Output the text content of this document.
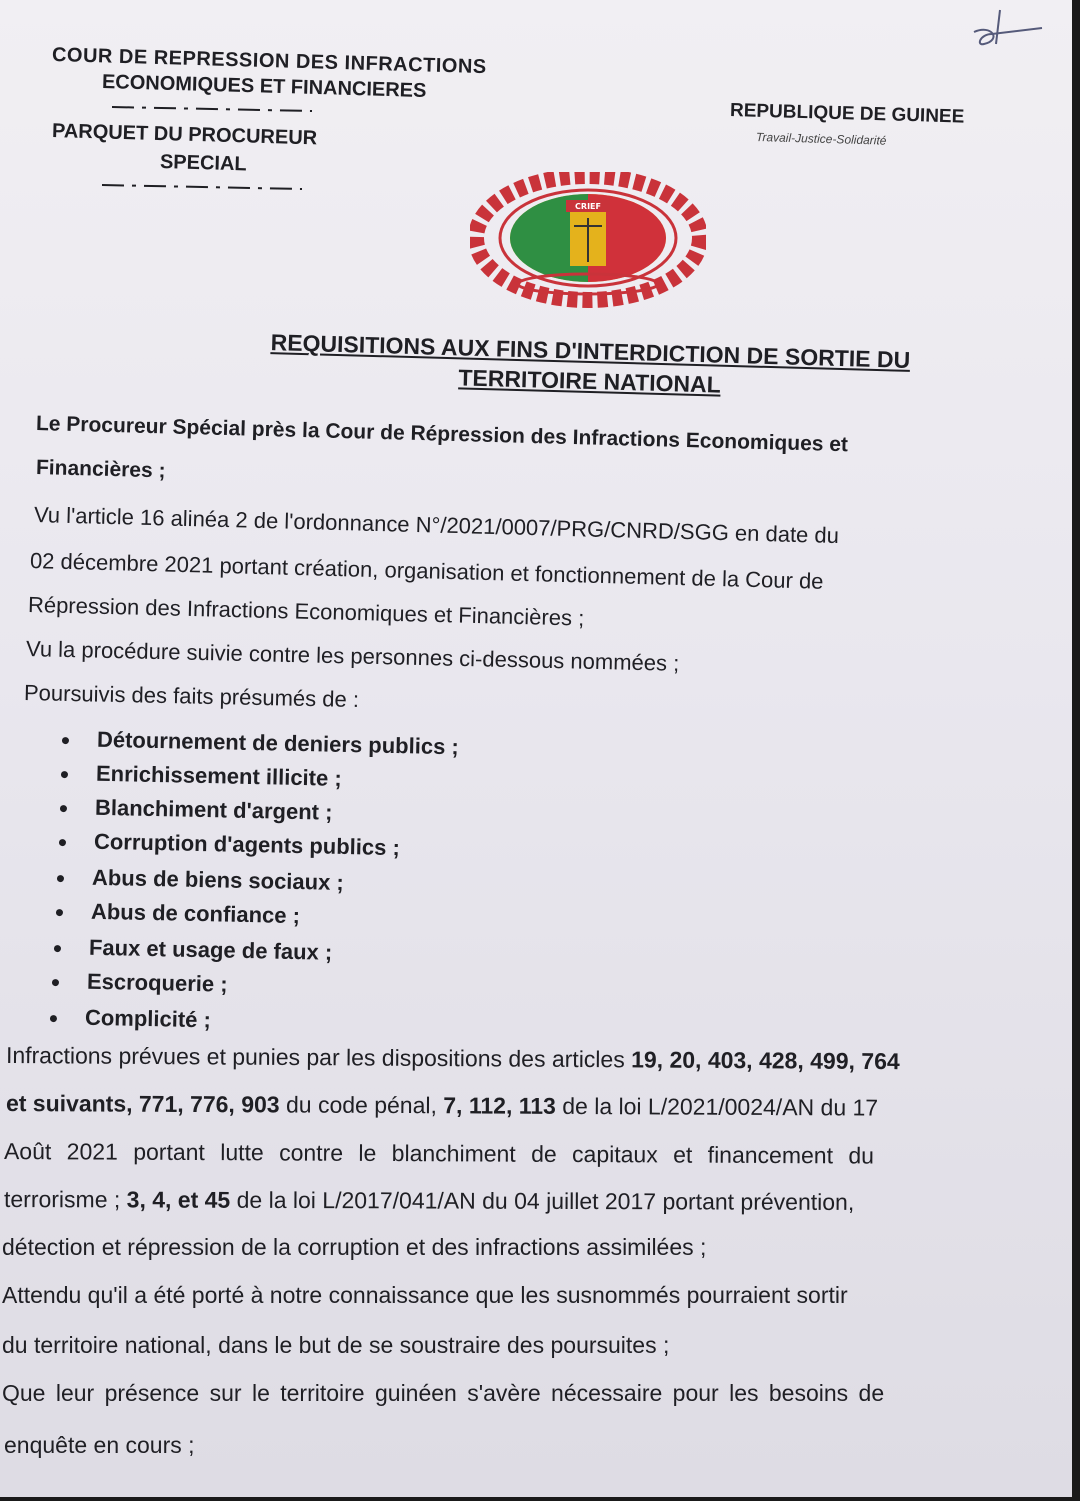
COUR DE REPRESSION DES INFRACTIONS
ECONOMIQUES ET FINANCIERES
PARQUET DU PROCUREUR
SPECIAL
REPUBLIQUE DE GUINEE
Travail-Justice-Solidarité
CRIEF
REQUISITIONS AUX FINS D'INTERDICTION DE SORTIE DU
TERRITOIRE NATIONAL
Le Procureur Spécial près la Cour de Répression des Infractions Economiques et
Financières ;
Vu l'article 16 alinéa 2 de l'ordonnance N°/2021/0007/PRG/CNRD/SGG en date du
02 décembre 2021 portant création, organisation et fonctionnement de la Cour de
Répression des Infractions Economiques et Financières ;
Vu la procédure suivie contre les personnes ci-dessous nommées ;
Poursuivis des faits présumés de :
Détournement de deniers publics ;
Enrichissement illicite ;
Blanchiment d'argent ;
Corruption d'agents publics ;
Abus de biens sociaux ;
Abus de confiance ;
Faux et usage de faux ;
Escroquerie ;
Complicité ;
Infractions prévues et punies par les dispositions des articles 19, 20, 403, 428, 499, 764
et suivants, 771, 776, 903 du code pénal, 7, 112, 113 de la loi L/2021/0024/AN du 17
Août 2021 portant lutte contre le blanchiment de capitaux et financement du
terrorisme ; 3, 4, et 45 de la loi L/2017/041/AN du 04 juillet 2017 portant prévention,
détection et répression de la corruption et des infractions assimilées ;
Attendu qu'il a été porté à notre connaissance que les susnommés pourraient sortir
du territoire national, dans le but de se soustraire des poursuites ;
Que leur présence sur le territoire guinéen s'avère nécessaire pour les besoins de
enquête en cours ;
